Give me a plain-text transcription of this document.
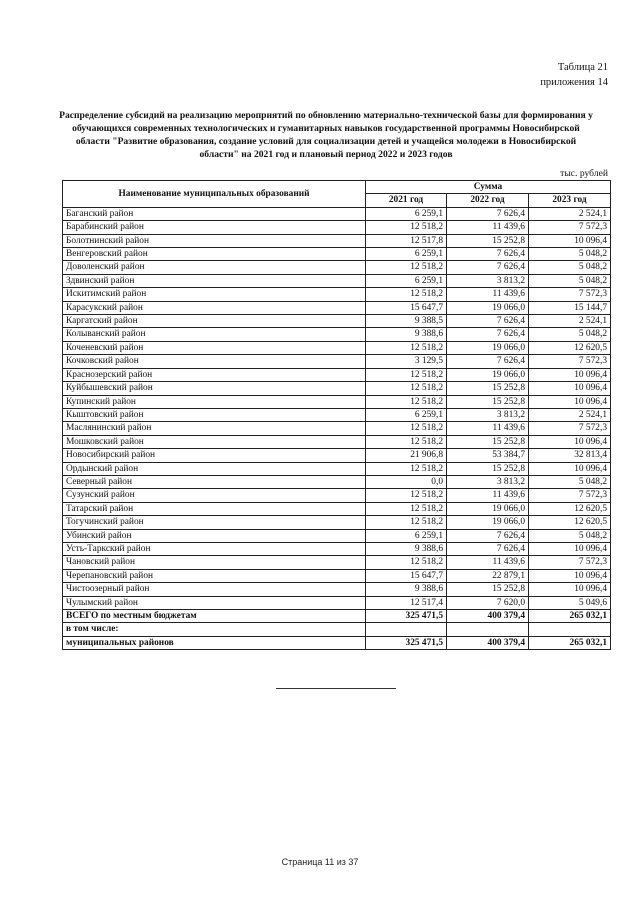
Таблица 21
приложения 14
Распределение субсидий на реализацию мероприятий по обновлению материально-технической базы для формирования у обучающихся современных технологических и гуманитарных навыков государственной программы Новосибирской области "Развитие образования, создание условий для социализации детей и учащейся молодежи в Новосибирской области" на 2021 год и плановый период 2022 и 2023 годов
тыс. рублей
Наименование муниципальных образований	Сумма		
	2021 год	2022 год	2023 год
Баганский район	6 259,1	7 626,4	2 524,1
Барабинский район	12 518,2	11 439,6	7 572,3
Болотнинский район	12 517,8	15 252,8	10 096,4
Венгеровский район	6 259,1	7 626,4	5 048,2
Доволенский район	12 518,2	7 626,4	5 048,2
Здвинский район	6 259,1	3 813,2	5 048,2
Искитимский район	12 518,2	11 439,6	7 572,3
Карасукский район	15 647,7	19 066,0	15 144,7
Каргатский район	9 388,5	7 626,4	2 524,1
Колыванский район	9 388,6	7 626,4	5 048,2
Коченевский район	12 518,2	19 066,0	12 620,5
Кочковский район	3 129,5	7 626,4	7 572,3
Краснозерский район	12 518,2	19 066,0	10 096,4
Куйбышевский район	12 518,2	15 252,8	10 096,4
Купинский район	12 518,2	15 252,8	10 096,4
Кыштовский район	6 259,1	3 813,2	2 524,1
Маслянинский район	12 518,2	11 439,6	7 572,3
Мошковский район	12 518,2	15 252,8	10 096,4
Новосибирский район	21 906,8	53 384,7	32 813,4
Ордынский район	12 518,2	15 252,8	10 096,4
Северный район	0,0	3 813,2	5 048,2
Сузунский район	12 518,2	11 439,6	7 572,3
Татарский район	12 518,2	19 066,0	12 620,5
Тогучинский район	12 518,2	19 066,0	12 620,5
Убинский район	6 259,1	7 626,4	5 048,2
Усть-Таркский район	9 388,6	7 626,4	10 096,4
Чановский район	12 518,2	11 439,6	7 572,3
Черепановский район	15 647,7	22 879,1	10 096,4
Чистоозерный район	9 388,6	15 252,8	10 096,4
Чулымский район	12 517,4	7 620,0	5 049,6
ВСЕГО по местным бюджетам	325 471,5	400 379,4	265 032,1
в том числе:			
муниципальных районов	325 471,5	400 379,4	265 032,1
Страница 11 из 37
